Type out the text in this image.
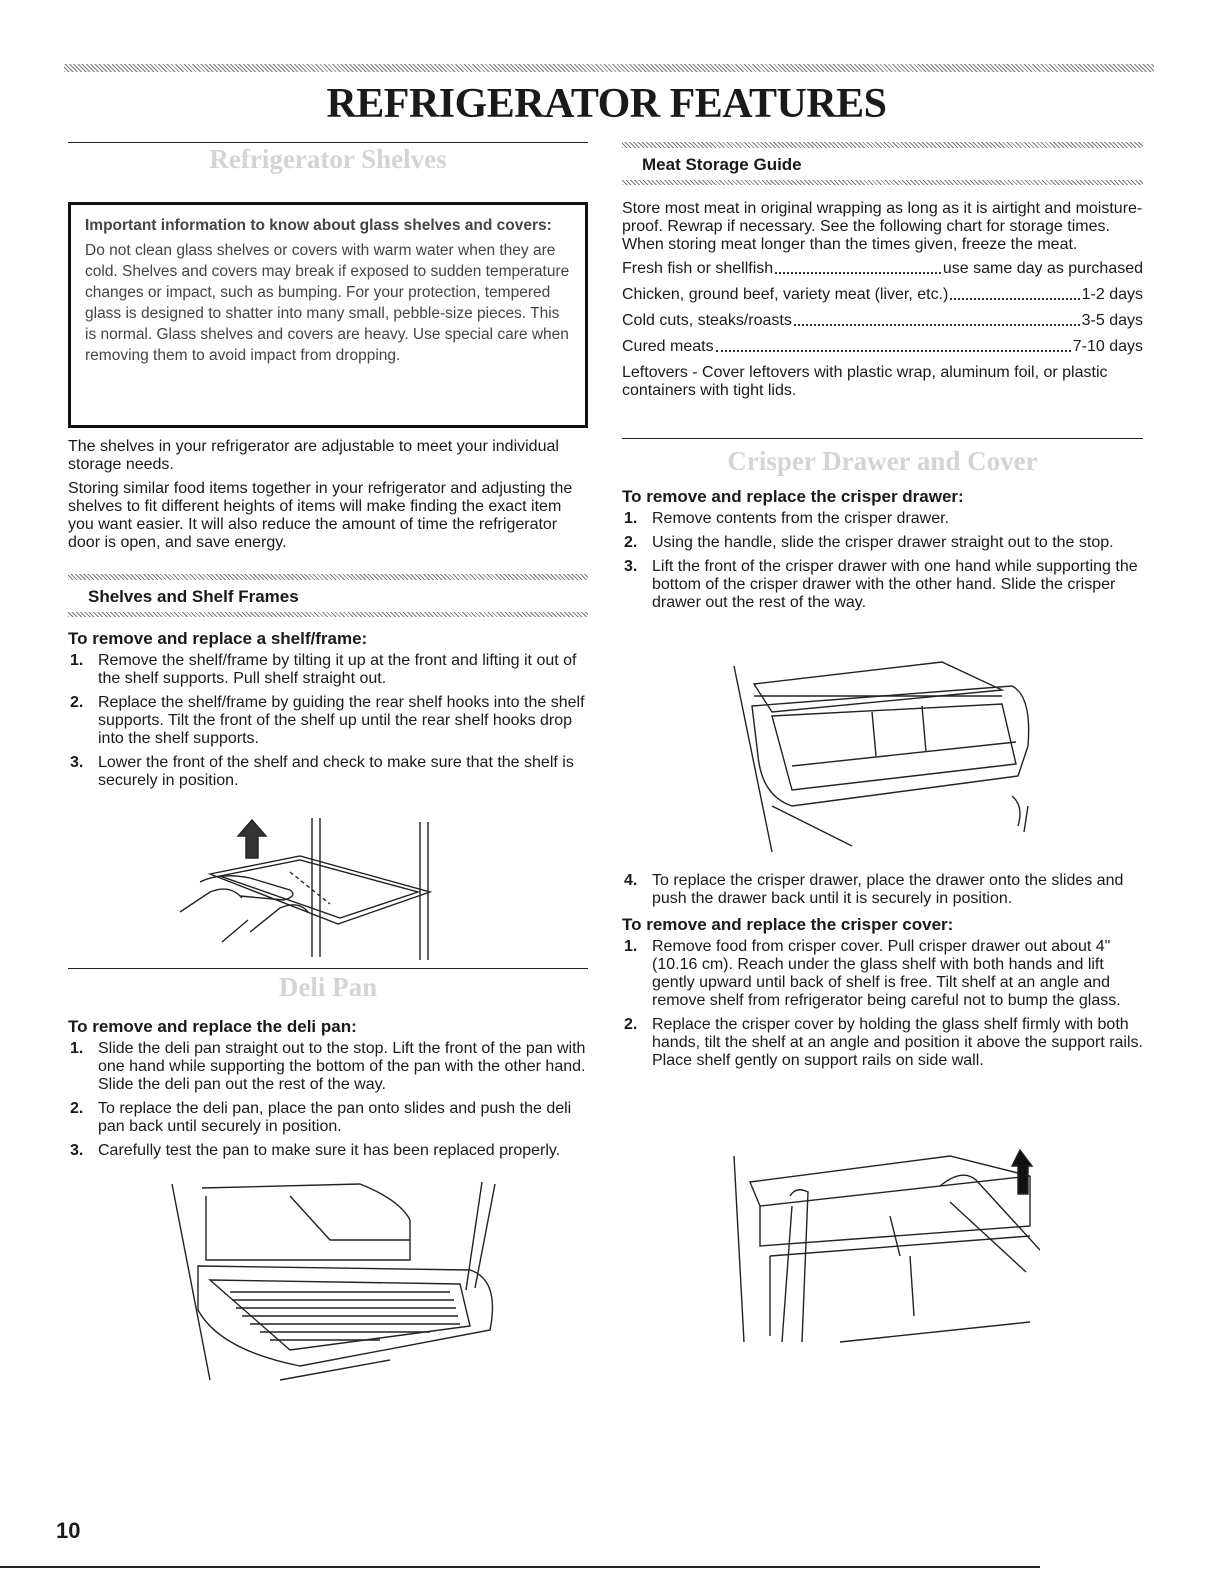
REFRIGERATOR FEATURES
Refrigerator Shelves

Important information to know about glass shelves and covers:

Do not clean glass shelves or covers with warm water when they are cold. Shelves and covers may break if exposed to sudden temperature changes or impact, such as bumping. For your protection, tempered glass is designed to shatter into many small, pebble-size pieces. This is normal. Glass shelves and covers are heavy. Use special care when removing them to avoid impact from dropping.

The shelves in your refrigerator are adjustable to meet your individual storage needs.

Storing similar food items together in your refrigerator and adjusting the shelves to fit different heights of items will make finding the exact item you want easier. It will also reduce the amount of time the refrigerator door is open, and save energy.

Shelves and Shelf Frames

To remove and replace a shelf/frame:

1. Remove the shelf/frame by tilting it up at the front and lifting it out of the shelf supports. Pull shelf straight out.
2. Replace the shelf/frame by guiding the rear shelf hooks into the shelf supports. Tilt the front of the shelf up until the rear shelf hooks drop into the shelf supports.
3. Lower the front of the shelf and check to make sure that the shelf is securely in position.
Deli Pan

To remove and replace the deli pan:

1. Slide the deli pan straight out to the stop. Lift the front of the pan with one hand while supporting the bottom of the pan with the other hand. Slide the deli pan out the rest of the way.
2. To replace the deli pan, place the pan onto slides and push the deli pan back until securely in position.
3. Carefully test the pan to make sure it has been replaced properly.
Meat Storage Guide

Store most meat in original wrapping as long as it is airtight and moisture-proof. Rewrap if necessary. See the following chart for storage times. When storing meat longer than the times given, freeze the meat.

Fresh fish or shellfish	use same day as purchased
Chicken, ground beef, variety meat (liver, etc.)	1-2 days
Cold cuts, steaks/roasts	3-5 days
Cured meats	7-10 days

Leftovers - Cover leftovers with plastic wrap, aluminum foil, or plastic containers with tight lids.

Crisper Drawer and Cover

To remove and replace the crisper drawer:

1. Remove contents from the crisper drawer.
2. Using the handle, slide the crisper drawer straight out to the stop.
3. Lift the front of the crisper drawer with one hand while supporting the bottom of the crisper drawer with the other hand. Slide the crisper drawer out the rest of the way.
4. To replace the crisper drawer, place the drawer onto the slides and push the drawer back until it is securely in position.

To remove and replace the crisper cover:

1. Remove food from crisper cover. Pull crisper drawer out about 4" (10.16 cm). Reach under the glass shelf with both hands and lift gently upward until back of shelf is free. Tilt shelf at an angle and remove shelf from refrigerator being careful not to bump the glass.
2. Replace the crisper cover by holding the glass shelf firmly with both hands, tilt the shelf at an angle and position it above the support rails. Place shelf gently on support rails on side wall.
10
